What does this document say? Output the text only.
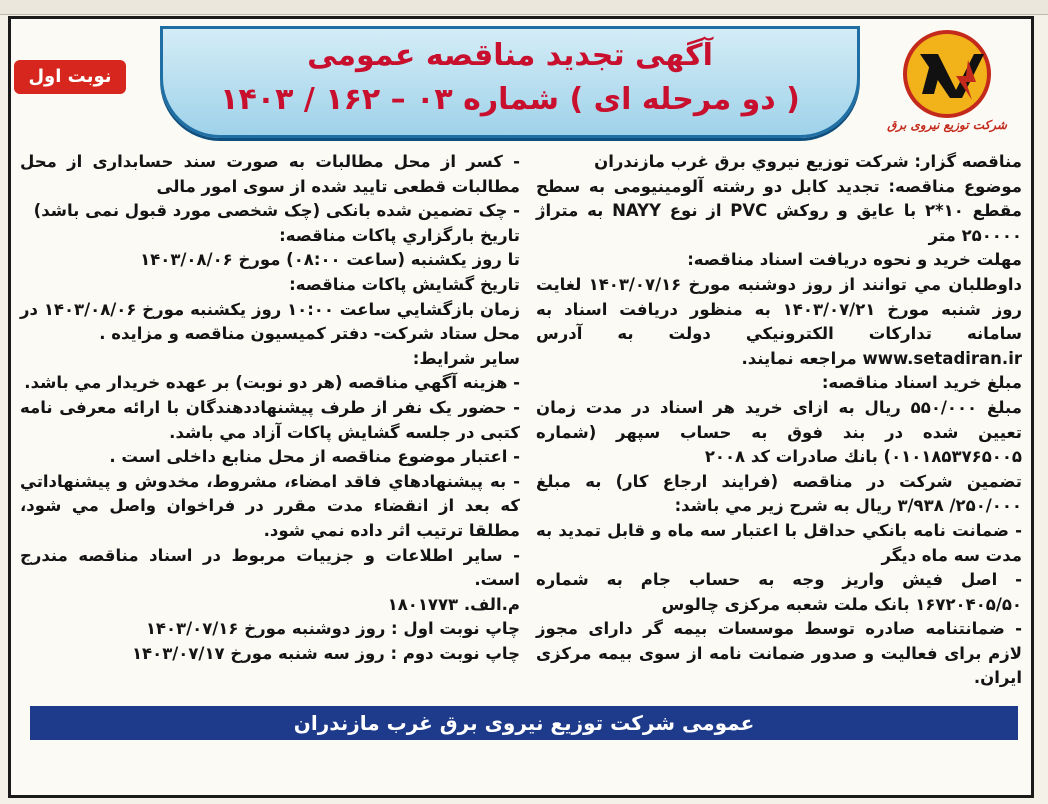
آگهی تجدید مناقصه عمومی
( دو مرحله ای ) شماره ۰۳ – ۱۶۲ / ۱۴۰۳
نوبت اول
شرکت توزیع نیروی برق
مناقصه گزار: شرکت توزيع نيروي برق غرب مازندران
موضوع مناقصه: تجدید کابل دو رشته آلومینیومی به سطح مقطع ۱۰*۲ با عایق و روکش PVC از نوع NAYY به متراژ ۲۵۰۰۰۰ متر
مهلت خرید و نحوه دریافت اسناد مناقصه:
داوطلبان مي توانند از روز دوشنبه مورخ ۱۴۰۳/۰۷/۱۶ لغايت روز شنبه مورخ ۱۴۰۳/۰۷/۲۱ به منظور دريافت اسناد به سامانه تدارکات الکترونيکي دولت به آدرس www.setadiran.ir مراجعه نمايند.
مبلغ خرید اسناد مناقصه:
مبلغ ۵۵۰/۰۰۰ ریال به ازای خرید هر اسناد در مدت زمان تعیین شده در بند فوق به حساب سپهر (شماره ۰۱۰۱۸۵۳۷۶۵۰۰۵) بانك صادرات كد ۲۰۰۸
تضمین شرکت در مناقصه (فرایند ارجاع کار) به مبلغ ۲۵۰/۰۰۰/ ۳/۹۳۸ ريال به شرح زير مي باشد:
- ضمانت نامه بانكي حداقل با اعتبار سه ماه و قابل تمديد به مدت سه ماه ديگر
- اصل فیش واریز وجه به حساب جام به شماره ۱۶۷۲۰۴۰۵/۵۰ بانک ملت شعبه مرکزی چالوس
- ضمانتنامه صادره توسط موسسات بیمه گر دارای مجوز لازم برای فعالیت و صدور ضمانت نامه از سوی بیمه مرکزی ایران.
- کسر از محل مطالبات به صورت سند حسابداری از محل مطالبات قطعی تایید شده از سوی امور مالی
- چک تضمین شده بانکی (چک شخصی مورد قبول نمی باشد)
تاريخ بارگزاري پاكات مناقصه:
تا روز یکشنبه (ساعت ۰۸:۰۰) مورخ ۱۴۰۳/۰۸/۰۶
تاريخ گشايش پاكات مناقصه:
زمان بازگشايي ساعت ۱۰:۰۰ روز يكشنبه مورخ ۱۴۰۳/۰۸/۰۶ در محل ستاد شرکت- دفتر كميسيون مناقصه و مزايده .
ساير شرايط:
- هزينه آگهي مناقصه (هر دو نوبت) بر عهده خريدار مي باشد.
- حضور یک نفر از طرف پیشنهاددهندگان با ارائه معرفی نامه کتبی در جلسه گشايش پاكات آزاد مي باشد.
- اعتبار موضوع مناقصه از محل منابع داخلی است .
- به پيشنهادهاي فاقد امضاء، مشروط، مخدوش و پيشنهاداتي كه بعد از انقضاء مدت مقرر در فراخوان واصل مي شود، مطلقا ترتيب اثر داده نمي شود.
- ساير اطلاعات و جزييات مربوط در اسناد مناقصه مندرج است.
م.الف. ۱۸۰۱۷۷۳
چاپ نوبت اول : روز دوشنبه مورخ ۱۴۰۳/۰۷/۱۶
چاپ نوبت دوم : روز سه شنبه مورخ ۱۴۰۳/۰۷/۱۷
عمومی شرکت توزیع نیروی برق غرب مازندران
